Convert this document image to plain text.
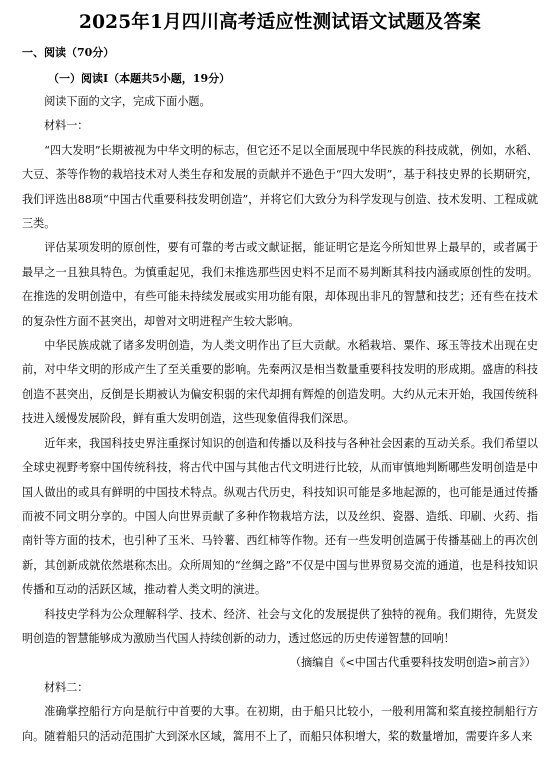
2025年1月四川高考适应性测试语文试题及答案
一、阅读（70分）
（一）阅读Ⅰ（本题共5小题，19分）

阅读下面的文字，完成下面小题。

材料一：

“四大发明”长期被视为中华文明的标志，但它还不足以全面展现中华民族的科技成就，例如，水稻、大豆、茶等作物的栽培技术对人类生存和发展的贡献并不逊色于“四大发明”，基于科技史界的长期研究，我们评选出88项“中国古代重要科技发明创造”，并将它们大致分为科学发现与创造、技术发明、工程成就三类。

评估某项发明的原创性，要有可靠的考古或文献证据，能证明它是迄今所知世界上最早的，或者属于最早之一且独具特色。为慎重起见，我们未推选那些因史料不足而不易判断其科技内涵或原创性的发明。在推选的发明创造中，有些可能未持续发展或实用功能有限，却体现出非凡的智慧和技艺；还有些在技术的复杂性方面不甚突出，却曾对文明进程产生较大影响。

中华民族成就了诸多发明创造，为人类文明作出了巨大贡献。水稻栽培、粟作、琢玉等技术出现在史前，对中华文明的形成产生了至关重要的影响。先秦两汉是相当数量重要科技发明的形成期。盛唐的科技创造不甚突出，反倒是长期被认为偏安积弱的宋代却拥有辉煌的创造发明。大约从元末开始，我国传统科技进入缓慢发展阶段，鲜有重大发明创造，这些现象值得我们深思。

近年来，我国科技史界注重探讨知识的创造和传播以及科技与各种社会因素的互动关系。我们希望以全球史视野考察中国传统科技，将古代中国与其他古代文明进行比较，从而审慎地判断哪些发明创造是中国人做出的或具有鲜明的中国技术特点。纵观古代历史，科技知识可能是多地起源的，也可能是通过传播而被不同文明分享的。中国人向世界贡献了多种作物栽培方法，以及丝织、瓷器、造纸、印刷、火药、指南针等方面的技术，也引种了玉米、马铃薯、西红柿等作物。还有一些发明创造属于传播基础上的再次创新，其创新成就依然堪称杰出。众所周知的“丝绸之路”不仅是中国与世界贸易交流的通道，也是科技知识传播和互动的活跃区域，推动着人类文明的演进。

科技史学科为公众理解科学、技术、经济、社会与文化的发展提供了独特的视角。我们期待，先贤发明创造的智慧能够成为激励当代国人持续创新的动力，透过悠远的历史传递智慧的回响！

（摘编自《<中国古代重要科技发明创造>前言》）
材料二：

准确掌控船行方向是航行中首要的大事。在初期，由于船只比较小，一般利用篙和桨直接控制船行方向。随着船只的活动范围扩大到深水区域，篙用不上了，而船只体积增大，桨的数量增加，需要许多人来
